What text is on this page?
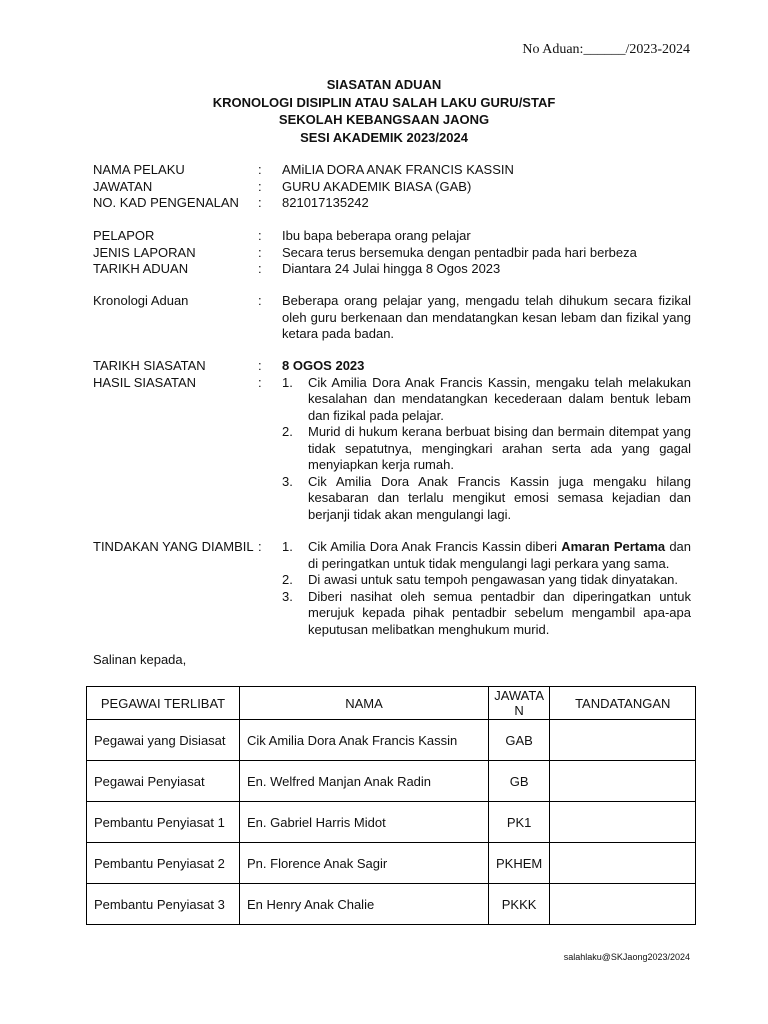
No Aduan:______/2023-2024
SIASATAN ADUAN
KRONOLOGI DISIPLIN ATAU SALAH LAKU GURU/STAF
SEKOLAH KEBANGSAAN JAONG
SESI AKADEMIK 2023/2024
NAMA PELAKU	:	AMiLIA DORA ANAK FRANCIS KASSIN
JAWATAN	:	GURU AKADEMIK BIASA (GAB)
NO. KAD PENGENALAN	:	821017135242
PELAPOR	:	Ibu bapa beberapa orang pelajar
JENIS LAPORAN	:	Secara terus bersemuka dengan pentadbir pada hari berbeza
TARIKH ADUAN	:	Diantara 24 Julai hingga 8 Ogos 2023
Kronologi Aduan	:	Beberapa orang pelajar yang, mengadu telah dihukum secara fizikal oleh guru berkenaan dan mendatangkan kesan lebam dan fizikal yang ketara pada badan.
TARIKH SIASATAN	:	8 OGOS 2023
HASIL SIASATAN	:	1.	Cik Amilia Dora Anak Francis Kassin, mengaku telah melakukan kesalahan dan mendatangkan kecederaan dalam bentuk lebam dan fizikal pada pelajar.
2.	Murid di hukum kerana berbuat bising dan bermain ditempat yang tidak sepatutnya, mengingkari arahan serta ada yang gagal menyiapkan kerja rumah.
3.	Cik Amilia Dora Anak Francis Kassin juga mengaku hilang kesabaran dan terlalu mengikut emosi semasa kejadian dan berjanji tidak akan mengulangi lagi.
TINDAKAN YANG DIAMBIL :	1.	Cik Amilia Dora Anak Francis Kassin diberi Amaran Pertama dan di peringatkan untuk tidak mengulangi lagi perkara yang sama.
2.	Di awasi untuk satu tempoh pengawasan yang tidak dinyatakan.
3.	Diberi nasihat oleh semua pentadbir dan diperingatkan untuk merujuk kepada pihak pentadbir sebelum mengambil apa-apa keputusan melibatkan menghukum murid.
Salinan kepada,
PEGAWAI TERLIBAT	NAMA	JAWATA N	TANDATANGAN
Pegawai yang Disiasat	Cik Amilia Dora Anak Francis Kassin	GAB	
Pegawai Penyiasat	En. Welfred Manjan Anak Radin	GB	
Pembantu Penyiasat 1	En. Gabriel Harris Midot	PK1	
Pembantu Penyiasat 2	Pn. Florence Anak Sagir	PKHEM	
Pembantu Penyiasat 3	En Henry Anak Chalie	PKKK	
salahlaku@SKJaong2023/2024
